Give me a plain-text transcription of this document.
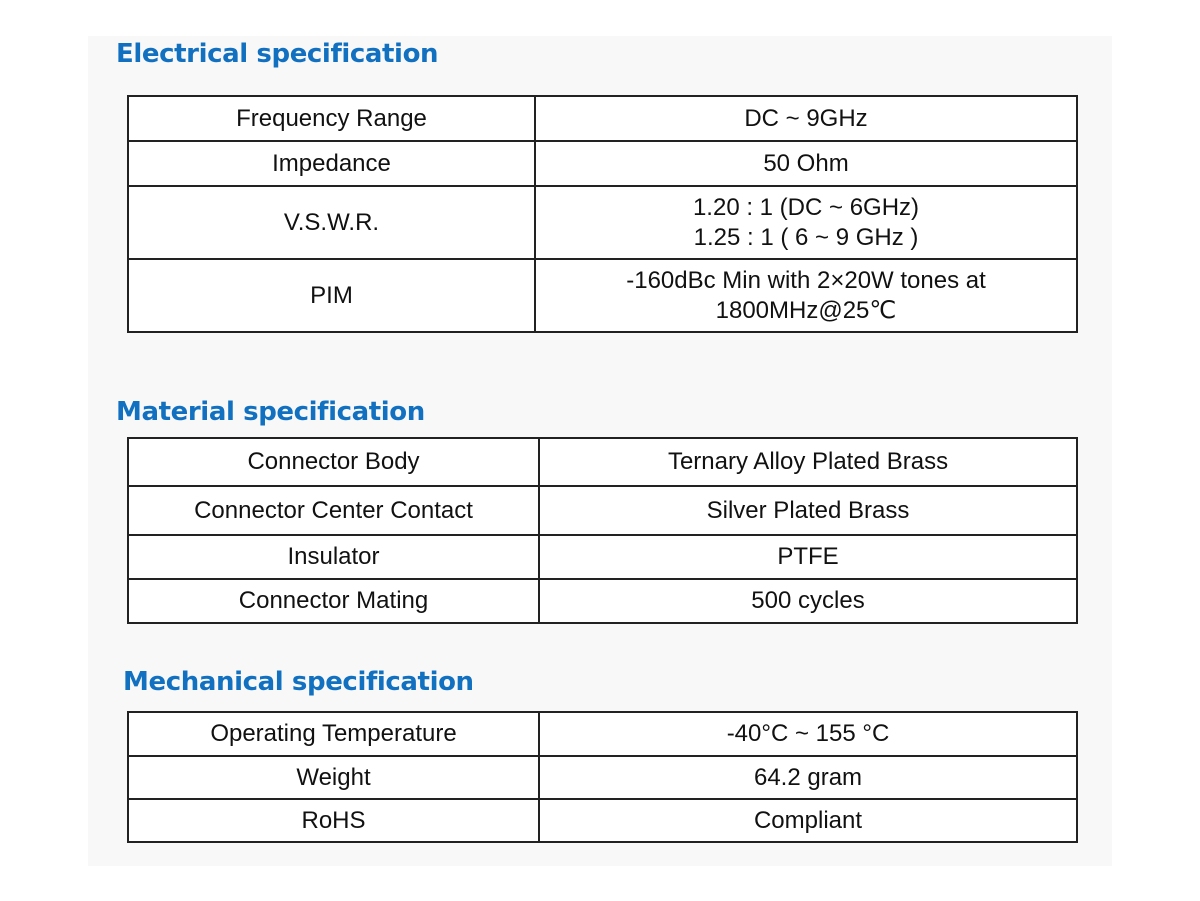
Electrical specification
Frequency Range	DC ~ 9GHz

Impedance	50 Ohm

V.S.W.R.	1.20 : 1 (DC ~ 6GHz)
1.25 : 1 ( 6 ~ 9 GHz )

PIM	-160dBc Min with 2×20W tones at
1800MHz@25℃
Material specification
Connector Body	Ternary Alloy Plated Brass

Connector Center Contact	Silver Plated Brass

Insulator	PTFE

Connector Mating	500 cycles
Mechanical specification
Operating Temperature	-40°C ~ 155 °C

Weight	64.2 gram

RoHS	Compliant
